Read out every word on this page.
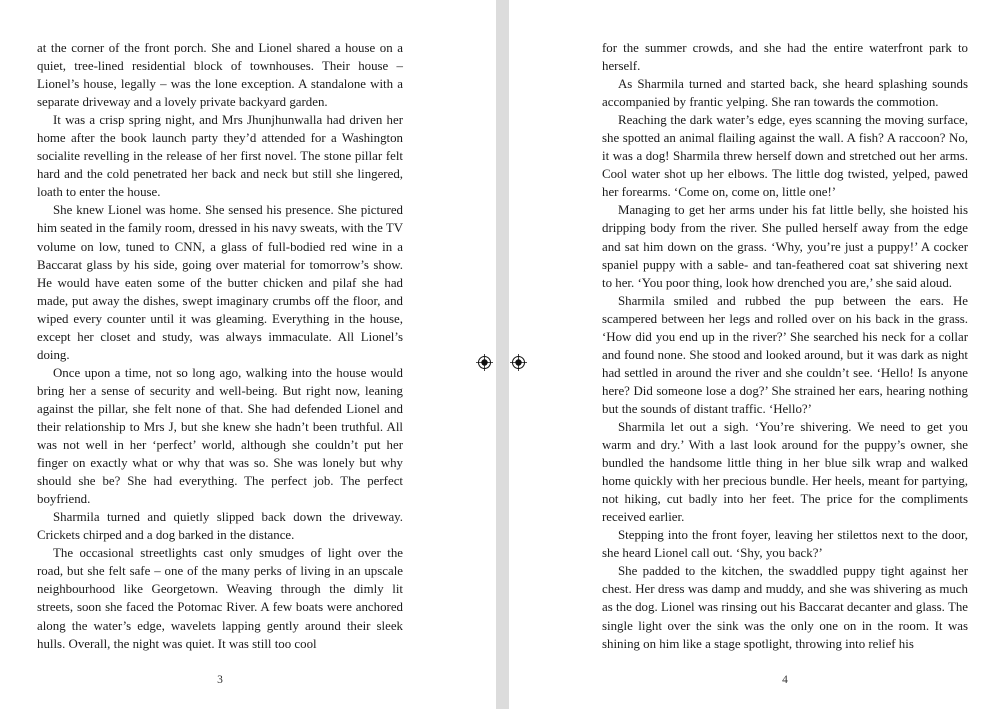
at the corner of the front porch. She and Lionel shared a house on a quiet, tree-lined residential block of townhouses. Their house – Lionel’s house, legally – was the lone exception. A standalone with a separate driveway and a lovely private backyard garden.

It was a crisp spring night, and Mrs Jhunjhunwalla had driven her home after the book launch party they’d attended for a Washington socialite revelling in the release of her first novel. The stone pillar felt hard and the cold penetrated her back and neck but still she lingered, loath to enter the house.

She knew Lionel was home. She sensed his presence. She pictured him seated in the family room, dressed in his navy sweats, with the TV volume on low, tuned to CNN, a glass of full-bodied red wine in a Baccarat glass by his side, going over material for tomorrow’s show. He would have eaten some of the butter chicken and pilaf she had made, put away the dishes, swept imaginary crumbs off the floor, and wiped every counter until it was gleaming. Everything in the house, except her closet and study, was always immaculate. All Lionel’s doing.

Once upon a time, not so long ago, walking into the house would bring her a sense of security and well-being. But right now, leaning against the pillar, she felt none of that. She had defended Lionel and their relationship to Mrs J, but she knew she hadn’t been truthful. All was not well in her ‘perfect’ world, although she couldn’t put her finger on exactly what or why that was so. She was lonely but why should she be? She had everything. The perfect job. The perfect boyfriend.

Sharmila turned and quietly slipped back down the driveway. Crickets chirped and a dog barked in the distance.

The occasional streetlights cast only smudges of light over the road, but she felt safe – one of the many perks of living in an upscale neighbourhood like Georgetown. Weaving through the dimly lit streets, soon she faced the Potomac River. A few boats were anchored along the water’s edge, wavelets lapping gently around their sleek hulls. Overall, the night was quiet. It was still too cool

3

for the summer crowds, and she had the entire waterfront park to herself.

As Sharmila turned and started back, she heard splashing sounds accompanied by frantic yelping. She ran towards the commotion.

Reaching the dark water’s edge, eyes scanning the moving surface, she spotted an animal flailing against the wall. A fish? A raccoon? No, it was a dog! Sharmila threw herself down and stretched out her arms. Cool water shot up her elbows. The little dog twisted, yelped, pawed her forearms. ‘Come on, come on, little one!’

Managing to get her arms under his fat little belly, she hoisted his dripping body from the river. She pulled herself away from the edge and sat him down on the grass. ‘Why, you’re just a puppy!’ A cocker spaniel puppy with a sable- and tan-feathered coat sat shivering next to her. ‘You poor thing, look how drenched you are,’ she said aloud.

Sharmila smiled and rubbed the pup between the ears. He scampered between her legs and rolled over on his back in the grass. ‘How did you end up in the river?’ She searched his neck for a collar and found none. She stood and looked around, but it was dark as night had settled in around the river and she couldn’t see. ‘Hello! Is anyone here? Did someone lose a dog?’ She strained her ears, hearing nothing but the sounds of distant traffic. ‘Hello?’

Sharmila let out a sigh. ‘You’re shivering. We need to get you warm and dry.’ With a last look around for the puppy’s owner, she bundled the handsome little thing in her blue silk wrap and walked home quickly with her precious bundle. Her heels, meant for partying, not hiking, cut badly into her feet. The price for the compliments received earlier.

Stepping into the front foyer, leaving her stilettos next to the door, she heard Lionel call out. ‘Shy, you back?’

She padded to the kitchen, the swaddled puppy tight against her chest. Her dress was damp and muddy, and she was shivering as much as the dog. Lionel was rinsing out his Baccarat decanter and glass. The single light over the sink was the only one on in the room. It was shining on him like a stage spotlight, throwing into relief his

4
